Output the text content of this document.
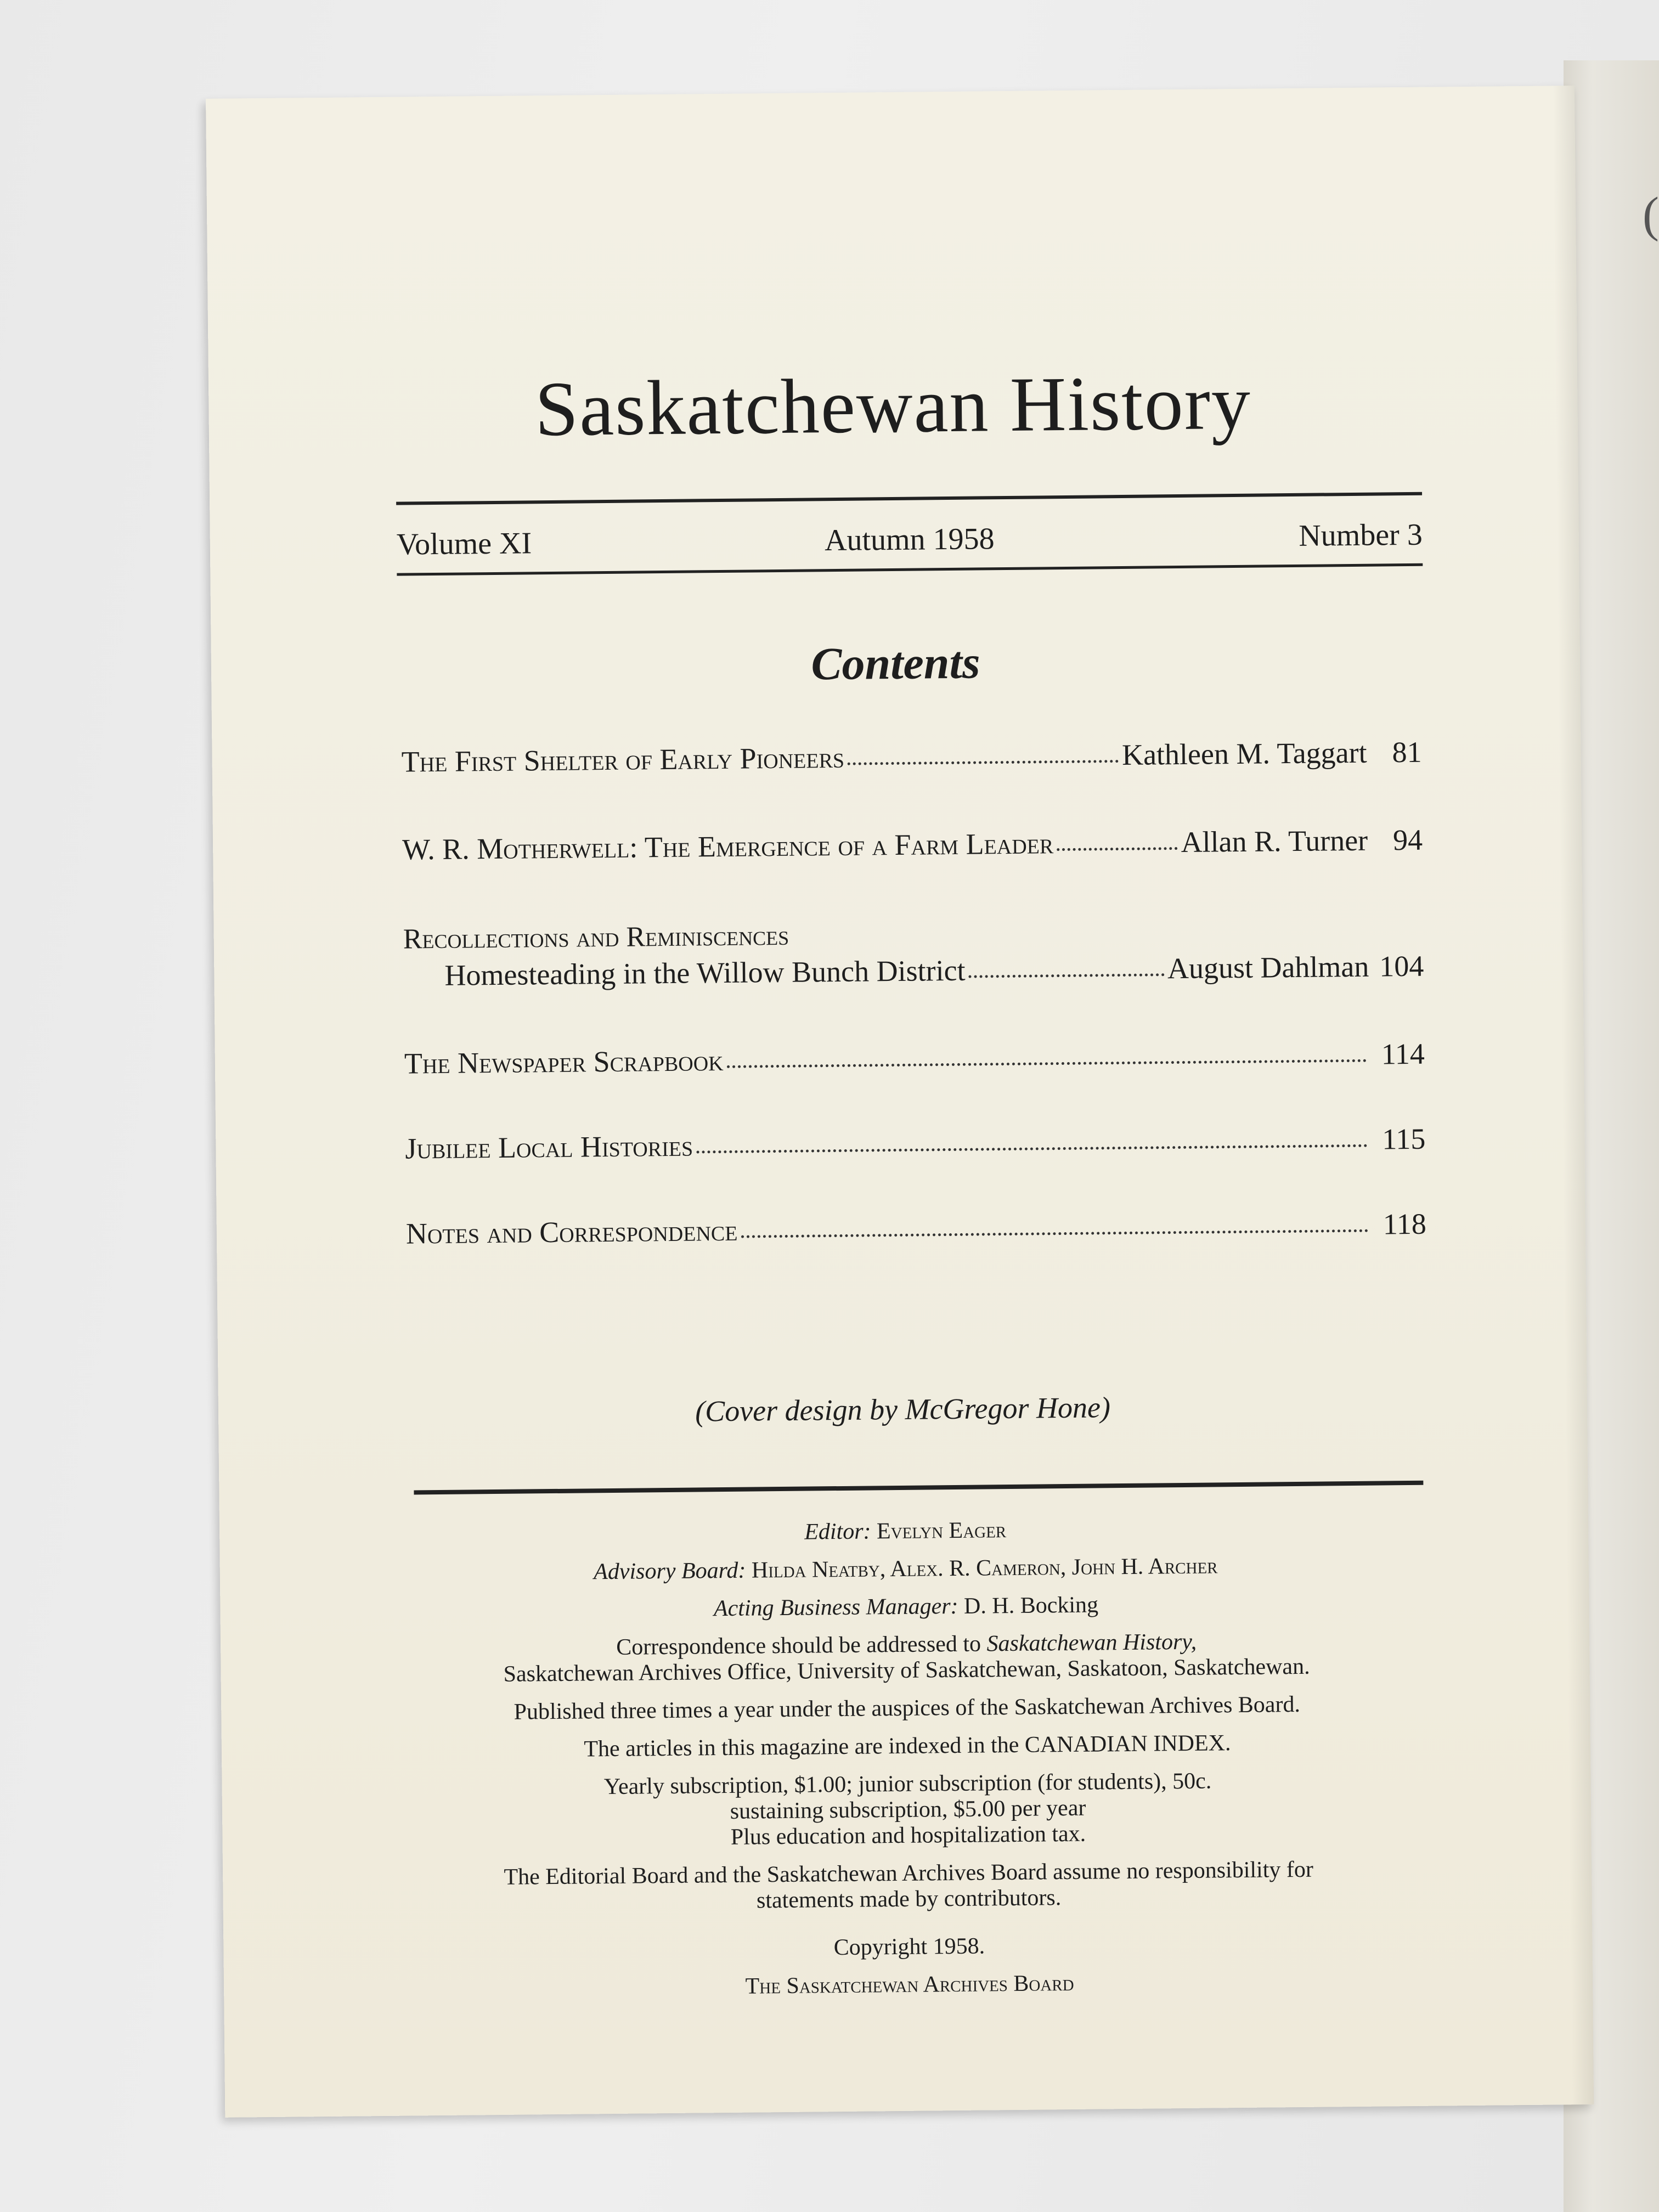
(
Saskatchewan History
Volume XI	Autumn 1958	Number 3
Contents
The First Shelter of Early Pioneers	Kathleen M. Taggart 81
W. R. Motherwell: The Emergence of a Farm Leader	Allan R. Turner 94
Recollections and Reminiscences
Homesteading in the Willow Bunch District	August Dahlman 104
The Newspaper Scrapbook	114
Jubilee Local Histories	115
Notes and Correspondence	118
(Cover design by McGregor Hone)

Editor: Evelyn Eager

Advisory Board: Hilda Neatby, Alex. R. Cameron, John H. Archer

Acting Business Manager: D. H. Bocking

Correspondence should be addressed to Saskatchewan History,

Saskatchewan Archives Office, University of Saskatchewan, Saskatoon, Saskatchewan.

Published three times a year under the auspices of the Saskatchewan Archives Board.

The articles in this magazine are indexed in the CANADIAN INDEX.

Yearly subscription, $1.00; junior subscription (for students), 50c.

sustaining subscription, $5.00 per year

Plus education and hospitalization tax.

The Editorial Board and the Saskatchewan Archives Board assume no responsibility for

statements made by contributors.

Copyright 1958.

The Saskatchewan Archives Board
